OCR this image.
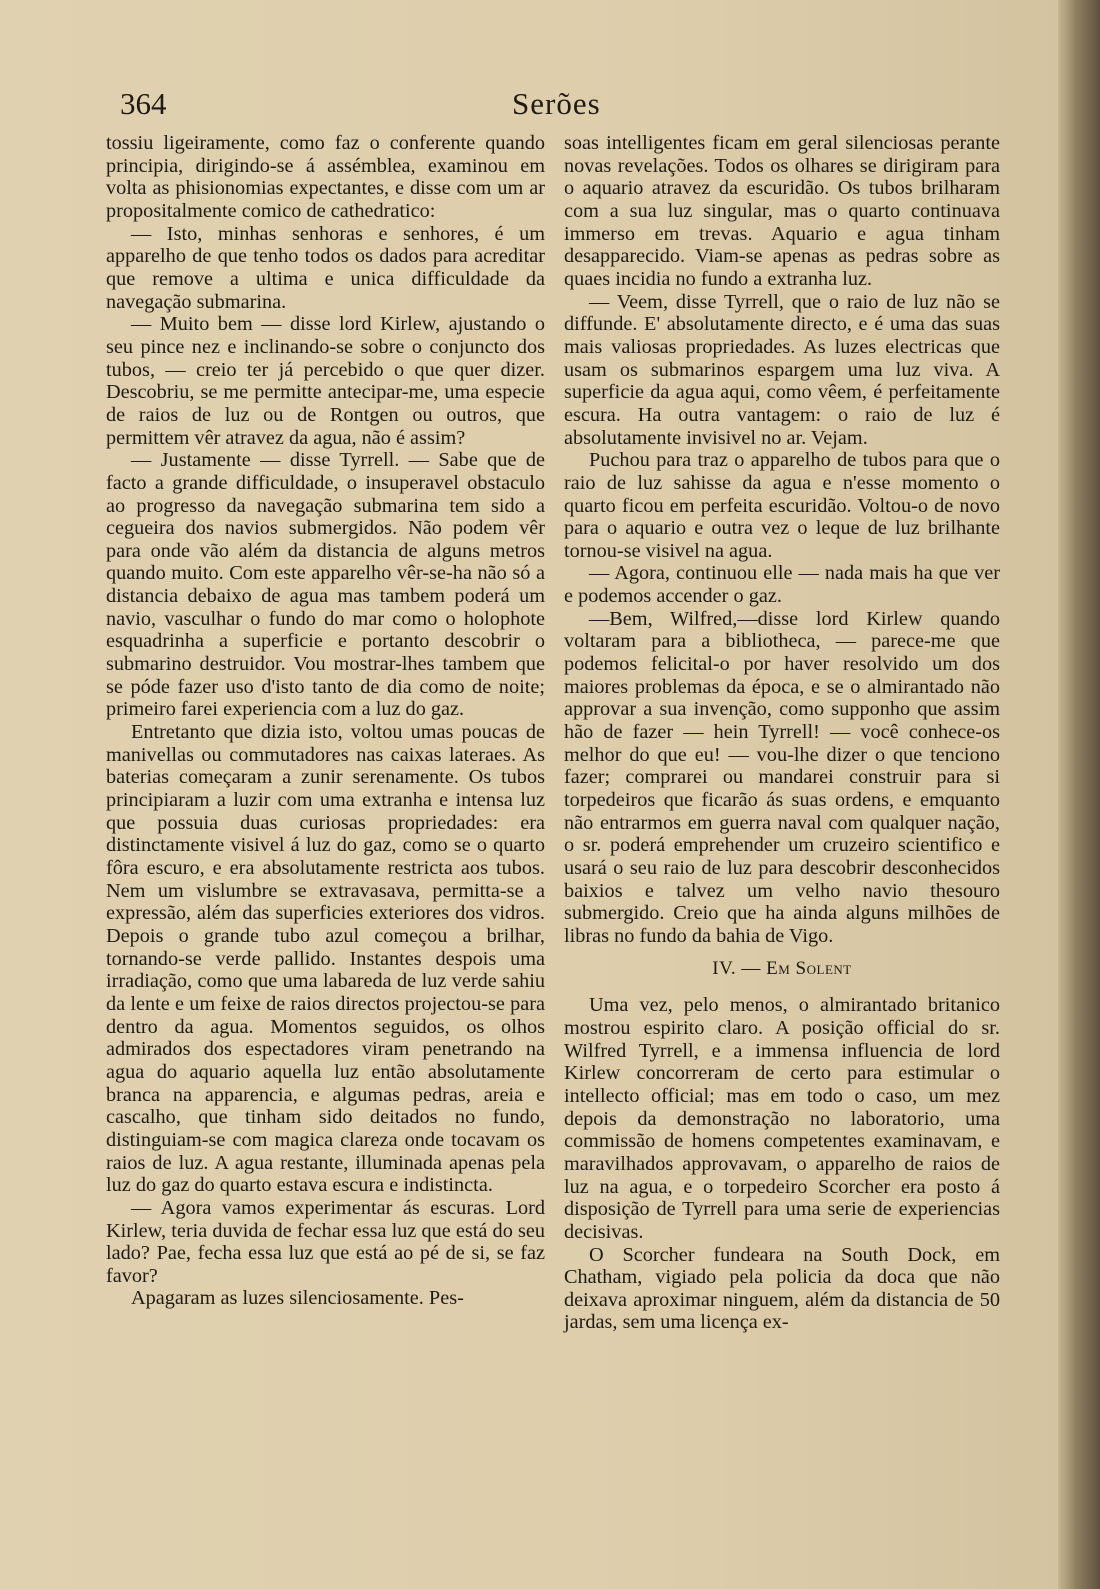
364	Serões

tossiu ligeiramente, como faz o conferente quando principia, dirigindo-se á assémblea, examinou em volta as phisionomias expectantes, e disse com um ar propositalmente comico de cathedratico:

— Isto, minhas senhoras e senhores, é um apparelho de que tenho todos os dados para acreditar que remove a ultima e unica difficuldade da navegação submarina.

— Muito bem — disse lord Kirlew, ajustando o seu pince nez e inclinando-se sobre o conjuncto dos tubos, — creio ter já percebido o que quer dizer. Descobriu, se me permitte antecipar-me, uma especie de raios de luz ou de Rontgen ou outros, que permittem vêr atravez da agua, não é assim?

— Justamente — disse Tyrrell. — Sabe que de facto a grande difficuldade, o insuperavel obstaculo ao progresso da navegação submarina tem sido a cegueira dos navios submergidos. Não podem vêr para onde vão além da distancia de alguns metros quando muito. Com este apparelho vêr-se-ha não só a distancia debaixo de agua mas tambem poderá um navio, vasculhar o fundo do mar como o holophote esquadrinha a superficie e portanto descobrir o submarino destruidor. Vou mostrar-lhes tambem que se póde fazer uso d'isto tanto de dia como de noite; primeiro farei experiencia com a luz do gaz.

Entretanto que dizia isto, voltou umas poucas de manivellas ou commutadores nas caixas lateraes. As baterias começaram a zunir serenamente. Os tubos principiaram a luzir com uma extranha e intensa luz que possuia duas curiosas propriedades: era distinctamente visivel á luz do gaz, como se o quarto fôra escuro, e era absolutamente restricta aos tubos. Nem um vislumbre se extravasava, permitta-se a expressão, além das superficies exteriores dos vidros. Depois o grande tubo azul começou a brilhar, tornando-se verde pallido. Instantes despois uma irradiação, como que uma labareda de luz verde sahiu da lente e um feixe de raios directos projectou-se para dentro da agua. Momentos seguidos, os olhos admirados dos espectadores viram penetrando na agua do aquario aquella luz então absolutamente branca na apparencia, e algumas pedras, areia e cascalho, que tinham sido deitados no fundo, distinguiam-se com magica clareza onde tocavam os raios de luz. A agua restante, illuminada apenas pela luz do gaz do quarto estava escura e indistincta.

— Agora vamos experimentar ás escuras. Lord Kirlew, teria duvida de fechar essa luz que está do seu lado? Pae, fecha essa luz que está ao pé de si, se faz favor?

Apagaram as luzes silenciosamente. Pes-

soas intelligentes ficam em geral silenciosas perante novas revelações. Todos os olhares se dirigiram para o aquario atravez da escuridão. Os tubos brilharam com a sua luz singular, mas o quarto continuava immerso em trevas. Aquario e agua tinham desapparecido. Viam-se apenas as pedras sobre as quaes incidia no fundo a extranha luz.

— Veem, disse Tyrrell, que o raio de luz não se diffunde. E' absolutamente directo, e é uma das suas mais valiosas propriedades. As luzes electricas que usam os submarinos espargem uma luz viva. A superficie da agua aqui, como vêem, é perfeitamente escura. Ha outra vantagem: o raio de luz é absolutamente invisivel no ar. Vejam.

Puchou para traz o apparelho de tubos para que o raio de luz sahisse da agua e n'esse momento o quarto ficou em perfeita escuridão. Voltou-o de novo para o aquario e outra vez o leque de luz brilhante tornou-se visivel na agua.

— Agora, continuou elle — nada mais ha que ver e podemos accender o gaz.

—Bem, Wilfred,—disse lord Kirlew quando voltaram para a bibliotheca, — parece-me que podemos felicital-o por haver resolvido um dos maiores problemas da época, e se o almirantado não approvar a sua invenção, como supponho que assim hão de fazer — hein Tyrrell! — você conhece-os melhor do que eu! — vou-lhe dizer o que tenciono fazer; comprarei ou mandarei construir para si torpedeiros que ficarão ás suas ordens, e emquanto não entrarmos em guerra naval com qualquer nação, o sr. poderá emprehender um cruzeiro scientifico e usará o seu raio de luz para descobrir desconhecidos baixios e talvez um velho navio thesouro submergido. Creio que ha ainda alguns milhões de libras no fundo da bahia de Vigo.

IV. — Em Solent

Uma vez, pelo menos, o almirantado britanico mostrou espirito claro. A posição official do sr. Wilfred Tyrrell, e a immensa influencia de lord Kirlew concorreram de certo para estimular o intellecto official; mas em todo o caso, um mez depois da demonstração no laboratorio, uma commissão de homens competentes examinavam, e maravilhados approvavam, o apparelho de raios de luz na agua, e o torpedeiro Scorcher era posto á disposição de Tyrrell para uma serie de experiencias decisivas.

O Scorcher fundeara na South Dock, em Chatham, vigiado pela policia da doca que não deixava aproximar ninguem, além da distancia de 50 jardas, sem uma licença ex-
